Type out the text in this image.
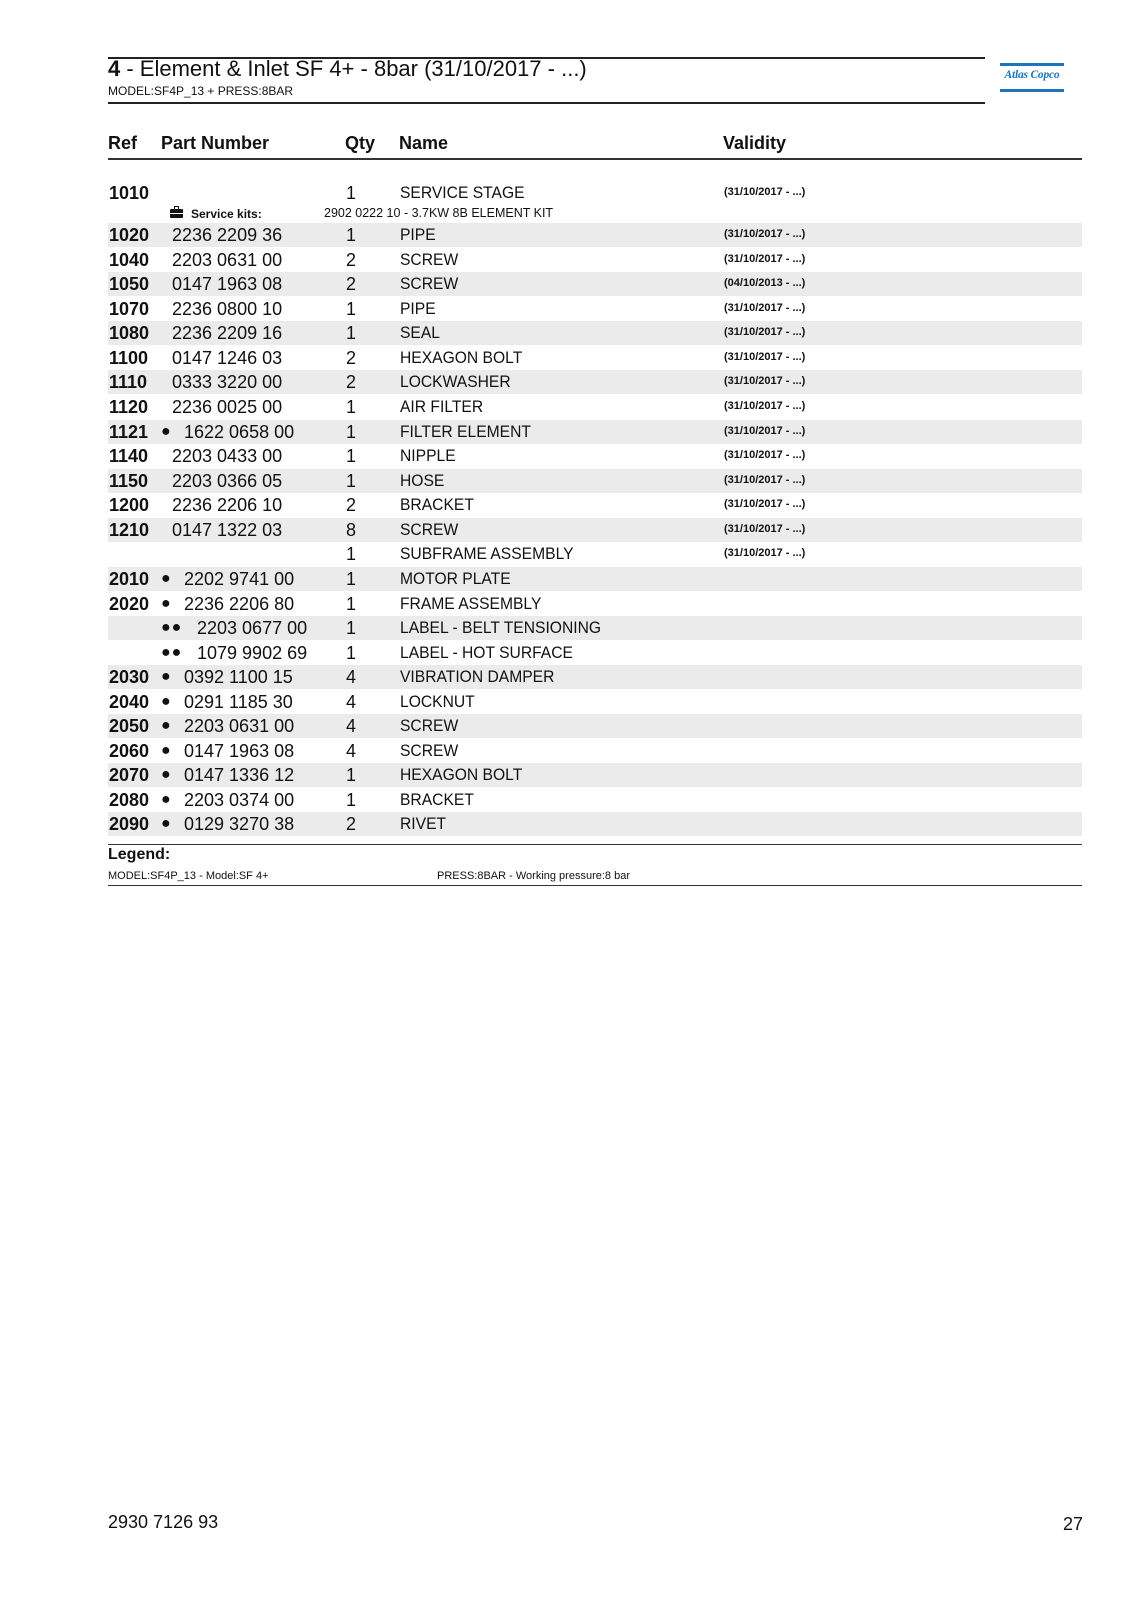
4 - Element & Inlet SF 4+ - 8bar (31/10/2017 - ...)
MODEL:SF4P_13 + PRESS:8BAR
Atlas Copco
Ref Part Number	Qty Name	Validity
1010	1	SERVICE STAGE	(31/10/2017 - ...)
1020 2236 2209 36	1	PIPE	(31/10/2017 - ...)
1040 2203 0631 00	2	SCREW	(31/10/2017 - ...)
1050 0147 1963 08	2	SCREW	(04/10/2013 - ...)
1070 2236 0800 10	1	PIPE	(31/10/2017 - ...)
1080 2236 2209 16	1	SEAL	(31/10/2017 - ...)
1100 0147 1246 03	2	HEXAGON BOLT	(31/10/2017 - ...)
1110 0333 3220 00	2	LOCKWASHER	(31/10/2017 - ...)
1120 2236 0025 00	1	AIR FILTER	(31/10/2017 - ...)
1121 ● 1622 0658 00	1	FILTER ELEMENT	(31/10/2017 - ...)
1140 2203 0433 00	1	NIPPLE	(31/10/2017 - ...)
1150 2203 0366 05	1	HOSE	(31/10/2017 - ...)
1200 2236 2206 10	2	BRACKET	(31/10/2017 - ...)
1210 0147 1322 03	8	SCREW	(31/10/2017 - ...)
1	SUBFRAME ASSEMBLY	(31/10/2017 - ...)
2010 ● 2202 9741 00	1	MOTOR PLATE
2020 ● 2236 2206 80	1	FRAME ASSEMBLY
●● 2203 0677 00 1	LABEL - BELT TENSIONING
●● 1079 9902 69 1	LABEL - HOT SURFACE
2030 ● 0392 1100 15	4	VIBRATION DAMPER
2040 ● 0291 1185 30	4	LOCKNUT
2050 ● 2203 0631 00	4	SCREW
2060 ● 0147 1963 08	4	SCREW
2070 ● 0147 1336 12	1	HEXAGON BOLT
2080 ● 2203 0374 00	1	BRACKET
2090 ● 0129 3270 38	2	RIVET
Service kits:	2902 0222 10 - 3.7KW 8B ELEMENT KIT
Legend:
MODEL:SF4P_13 - Model:SF 4+	PRESS:8BAR - Working pressure:8 bar
2930 7126 93	27
